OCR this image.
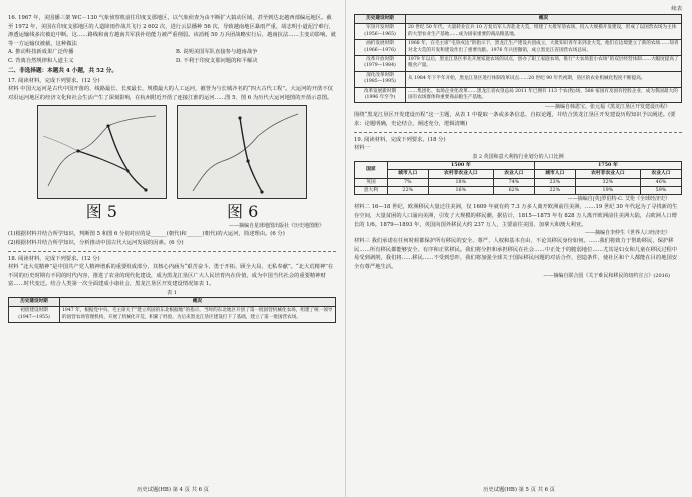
16. 1967 年，美国播三架 WC－130 气象侦察机前往印度支那地区，以气象侦查为由不断扩大搞动区域，甚至到达北越西部偏远地区。截至 1972 年，美国在印度支那地区的人造降雨作战共飞行 2 602 次，进行云层播种 56 次，导致越南地区暴雨严重，胡志明小道泥泞难行，渗透运输线多次被迫中断。这……路线和南方越南共军获补给能力被严重削弱。该消耗 50 万兵团战略实行后，越南抗法……主变动影响。就等一方运输仅被截，这种做法

A. 推动科技新成果广泛传播	B. 说明美国军队直接参与越南战争
C. 背离自然规律和人道主义	D. 不利于印度支那问题的和平解决
二、非选择题：本题共 4 小题，共 52 分。

17. 阅读材料，完成下列要求。(12 分)

材料 中国大运河是古代中国开凿的、线路最长、长度最长、规模最大的人工运河，被誉为与长城齐名的“四大古代工程”。大运河的开凿不仅对沿运河地区的经济文化和社会生活产生了深刻影响，在杭州附近开凿了连接江淮的运河……图 5、图 6 为历代大运河地图的开凿示意图。

图 5	图 6
——摘编自星球地图出版社《历史地图册》

(1)根据材料并结合所学知识，判断图 5 和图 6 分别对应的是______(朝代)和______(朝代)的大运河，简述理由。(6 分)

(2)根据材料并结合所学知识，分析推动中国古代大运河发展的因素。(6 分)

18. 阅读材料，完成下列要求。(12 分)

材料 “北大荒精神”是中国共产党人精神谱系的重要组成部分，其核心内涵为“艰苦奋斗、勇于开拓、顾全大局、无私奉献”。“北大荒精神”在不同的历史时期有不同的时代内容，推进了农业的现代化建设，成为黑龙江垦区广大人民培育内在价值，成为中国当代社会的重要精神财富……时代变迁。结合人类第一次全面建成小康社会，黑龙江垦区开发建设情况如表 1。

表 1
历史建设时期	概况
初创建设时期
(1947—1955)	1947 年，根据党中央、毛主席关于“建立巩固的东北根据地”的指示，当时的东北地区开创了第一批国营机械化农场，组建了统一领导的国营农场管理机构，开展了机械化开荒，积累了经验，为后来黑龙江垦区建设打下了基础，建立了第一批国营农场。
历史试题(HB) 第 4 页 共 6 页
续表
历史建设时期	概况
军垦开发时期
(1956—1965)	20 世纪 50 年代，大量转业官兵 10 万复员军人奔赴北大荒，组建了大批军垦农场，投入大规模开发建设，形成了以国营农场为主体的大型农业生产基地……成为国家重要的商品粮基地。
曲折发展时期
(1966—1976)	1968 年，在毛主席“屯垦戍边”的指示下，黑龙江生产建设兵团成立，大批知识青年来到北大荒，他们在边境建立了新的农场……知青对北大荒的开发和建设作出了重要贡献。1976 年兵团撤销，成立黑龙江省国营农场总局。
改革开放时期
(1979—1984)	1979 年以后，黑龙江垦区率先开展家庭农场的试点，创办了职工家庭农场，推行“大农场套小农场”的双层经营体制……大幅度提高了粮食产量。
深化改革时期
(1985—1995)	从 1984 年下半年开始，黑龙江垦区进行体制改革试点……20 世纪 90 年代初期，垦区的农业机械化程度不断提高。
改革发展新时期
(1996 年至今)	……集团化、农场企业化改革……黑龙江省农垦总局 2011 年已拥有 113 个农(牧)场，588 家国有及国有控股企业，成为我国最大的国有农场群体和重要商品粮生产基地。
——摘编自韩恩宝、张元福《黑龙江垦区开发建设历程》

围绕“黑龙江垦区开发建设历程”这一主题，从表 1 中提取一条或多条信息，自拟论题，并结合黑龙江垦区开发建设历程知识予以阐述。(要求：论题明确，史论结合，阐述充分，逻辑清晰)

19. 阅读材料，完成下列要求。(18 分)

材料一

表 2 英国和意大利按行业划分的人口比例
国家	1500 年			1750 年		
	城市人口	农村非农业人口	农业人口	城市人口	农村非农业人口	农业人口
英国	7%	18%	74%	23%	32%	46%
意大利	22%	16%	62%	22%	19%	59%
——摘编自[英]罗伯特·C. 艾伦《全球经济史》

材料二 16—18 世纪，欧洲移民大量迁往美洲，仅 1609 年就有约 7.3 万多人离开欧洲前往美洲，……19 世纪 30 年代起为了寻找新的生存空间，大量贫困的人口涌向美洲，引发了大规模的移民潮，据估计，1815—1875 年有 828 万人离开欧洲前往美洲大陆，占欧洲人口增长的 1/6。1879—1893 年，英国向国外移民大约 237 万人，主要前往美国、加拿大和澳大利亚。

——摘编自李仲生《世界人口经济史》

材料三 我们承诺在任何时候都保护所有移民的安全、尊严、人权和基本自由，不论其移民身份如何。……我们将致力于帮助移民，保护移民……所有移民都能够安全、有序和正常移民。我们将分担和承担移民在社会……中正处于的脆弱地位……尤其是妇女和儿童在移民过程中易受到剥削，我们将……移民……不受到恐吓，我们将加强全球关于国际移民问题的对话合作，创造条件，使社区和个人都能在目的地国安全有尊严地生活。

——摘编自联合国《关于难民和移民的纽约宣言》(2016)
历史试题(HB) 第 5 页 共 6 页
